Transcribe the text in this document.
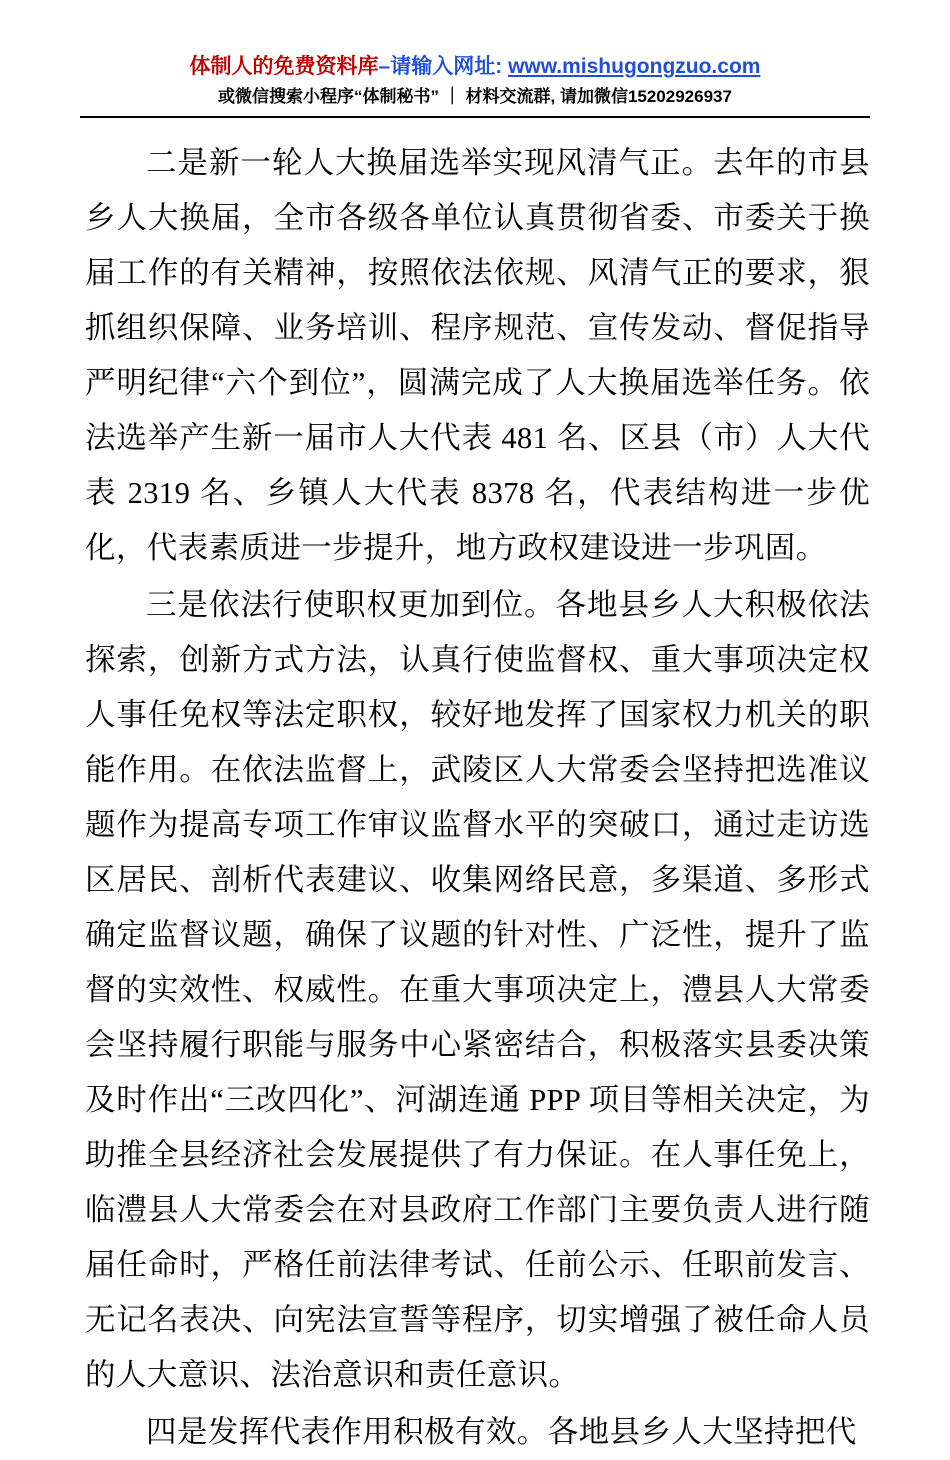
体制人的免费资料库–请输入网址: www.mishugongzuo.com
或微信搜索小程序“体制秘书” ｜ 材料交流群, 请加微信15202926937

二是新一轮人大换届选举实现风清气正。去年的市县乡人大换届，全市各级各单位认真贯彻省委、市委关于换届工作的有关精神，按照依法依规、风清气正的要求，狠抓组织保障、业务培训、程序规范、宣传发动、督促指导严明纪律“六个到位”，圆满完成了人大换届选举任务。依法选举产生新一届市人大代表 481 名、区县（市）人大代表 2319 名、乡镇人大代表 8378 名，代表结构进一步优化，代表素质进一步提升，地方政权建设进一步巩固。

三是依法行使职权更加到位。各地县乡人大积极依法探索，创新方式方法，认真行使监督权、重大事项决定权人事任免权等法定职权，较好地发挥了国家权力机关的职能作用。在依法监督上，武陵区人大常委会坚持把选准议题作为提高专项工作审议监督水平的突破口，通过走访选区居民、剖析代表建议、收集网络民意，多渠道、多形式确定监督议题，确保了议题的针对性、广泛性，提升了监督的实效性、权威性。在重大事项决定上，澧县人大常委会坚持履行职能与服务中心紧密结合，积极落实县委决策及时作出“三改四化”、河湖连通 PPP 项目等相关决定，为助推全县经济社会发展提供了有力保证。在人事任免上，临澧县人大常委会在对县政府工作部门主要负责人进行随届任命时，严格任前法律考试、任前公示、任职前发言、无记名表决、向宪法宣誓等程序，切实增强了被任命人员的人大意识、法治意识和责任意识。

四是发挥代表作用积极有效。各地县乡人大坚持把代
